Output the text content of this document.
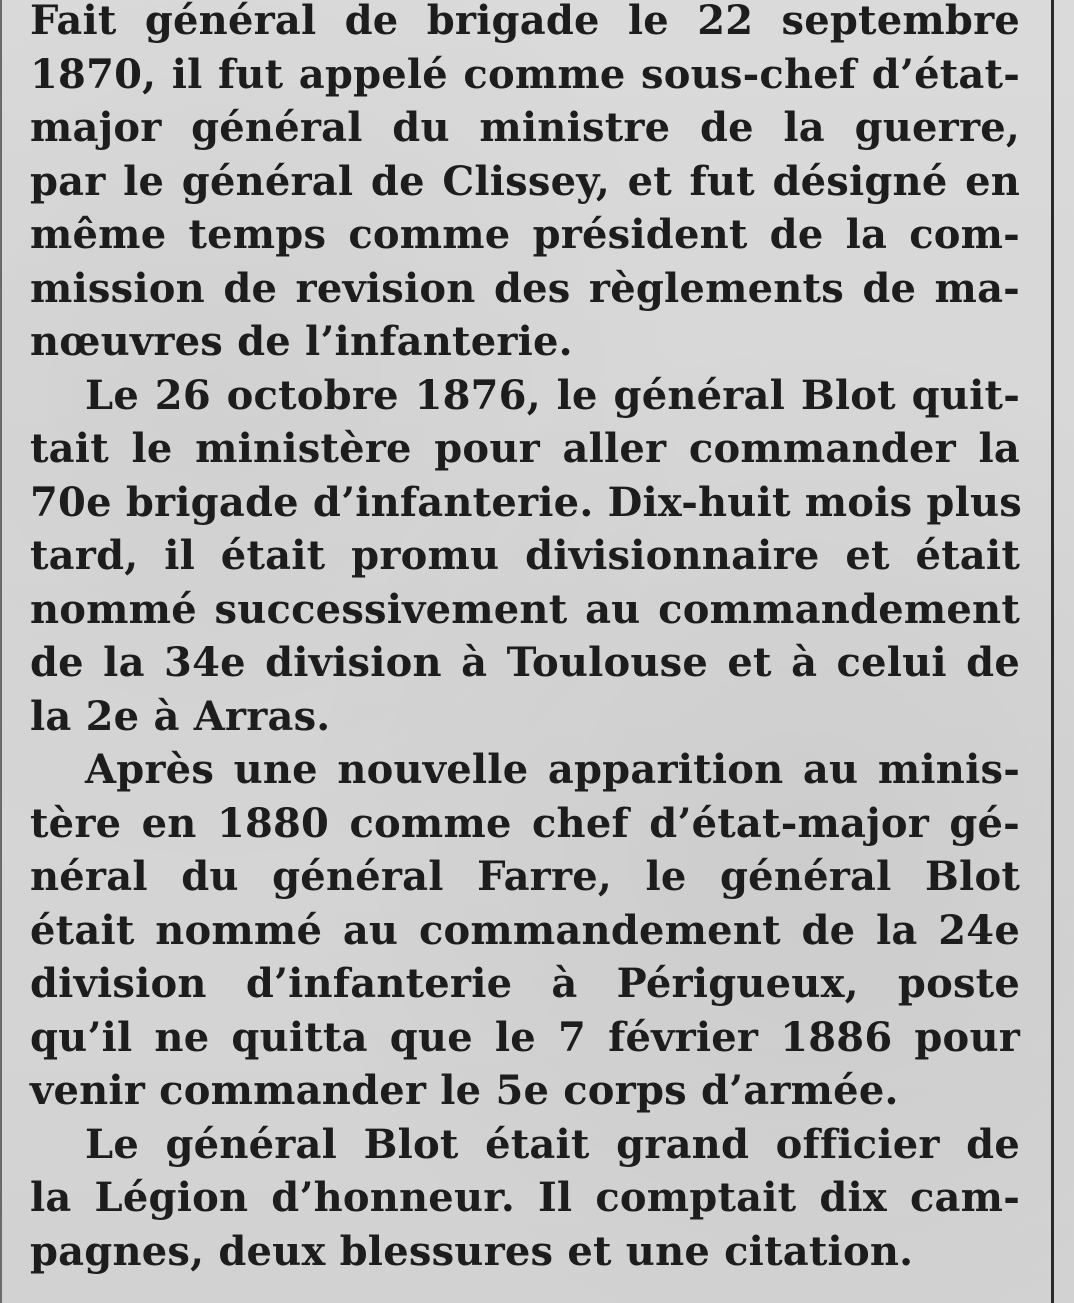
Fait général de brigade le 22 septembre
1870, il fut appelé comme sous-chef d’état-
major général du ministre de la guerre,
par le général de Clissey, et fut désigné en
même temps comme président de la com-
mission de revision des règlements de ma-
nœuvres de l’infanterie.
Le 26 octobre 1876, le général Blot quit-
tait le ministère pour aller commander la
70e brigade d’infanterie. Dix-huit mois plus
tard, il était promu divisionnaire et était
nommé successivement au commandement
de la 34e division à Toulouse et à celui de
la 2e à Arras.
Après une nouvelle apparition au minis-
tère en 1880 comme chef d’état-major gé-
néral du général Farre, le général Blot
était nommé au commandement de la 24e
division d’infanterie à Périgueux, poste
qu’il ne quitta que le 7 février 1886 pour
venir commander le 5e corps d’armée.
Le général Blot était grand officier de
la Légion d’honneur. Il comptait dix cam-
pagnes, deux blessures et une citation.
